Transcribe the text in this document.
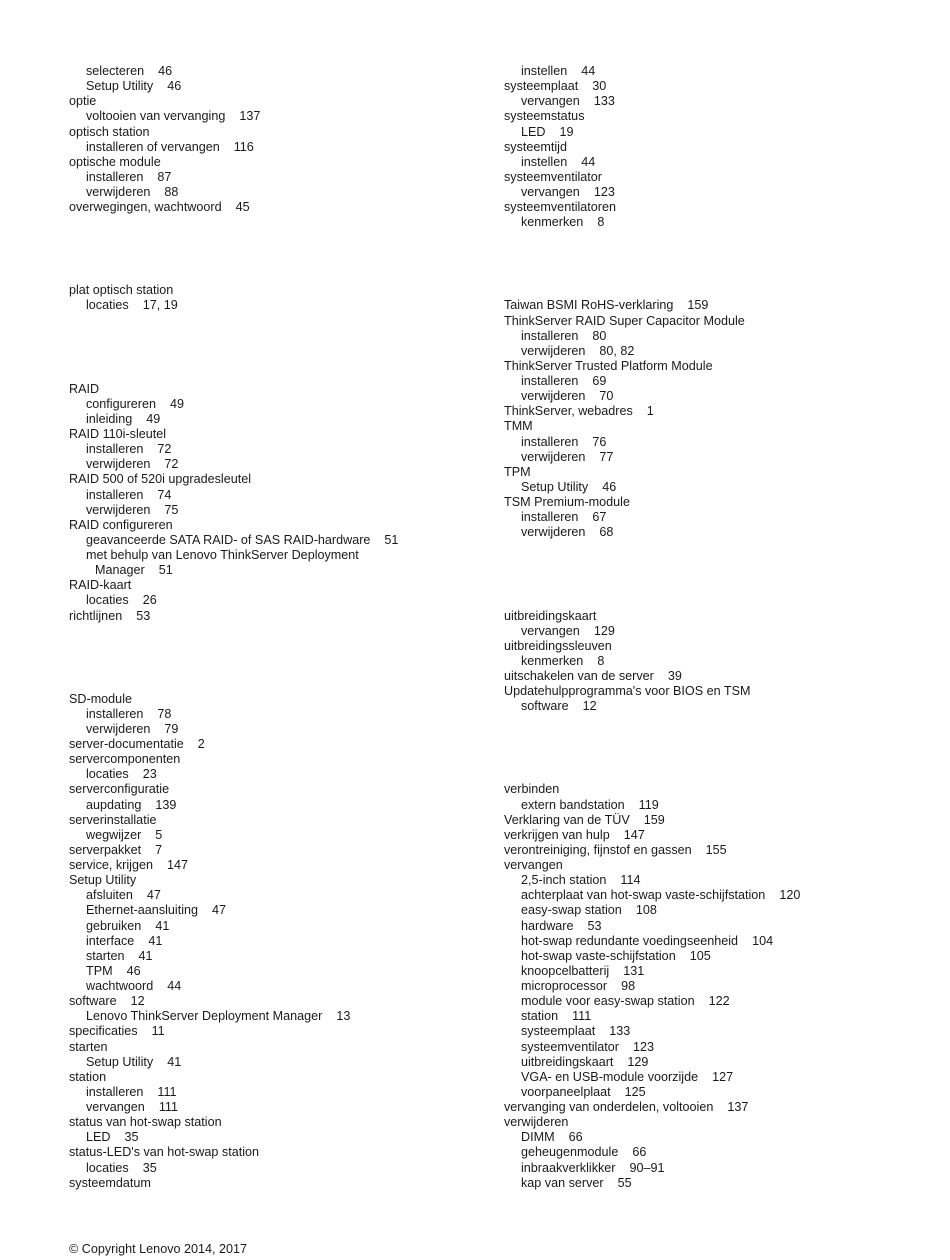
selecteren 46
Setup Utility 46
optie
voltooien van vervanging 137
optisch station
installeren of vervangen 116
optische module
installeren 87
verwijderen 88
overwegingen, wachtwoord 45
plat optisch station
locaties 17, 19
RAID
configureren 49
inleiding 49
RAID 110i-sleutel
installeren 72
verwijderen 72
RAID 500 of 520i upgradesleutel
installeren 74
verwijderen 75
RAID configureren
geavanceerde SATA RAID- of SAS RAID-hardware 51
met behulp van Lenovo ThinkServer Deployment
Manager 51
RAID-kaart
locaties 26
richtlijnen 53
SD-module
installeren 78
verwijderen 79
server-documentatie 2
servercomponenten
locaties 23
serverconfiguratie
aupdating 139
serverinstallatie
wegwijzer 5
serverpakket 7
service, krijgen 147
Setup Utility
afsluiten 47
Ethernet-aansluiting 47
gebruiken 41
interface 41
starten 41
TPM 46
wachtwoord 44
software 12
Lenovo ThinkServer Deployment Manager 13
specificaties 11
starten
Setup Utility 41
station
installeren 111
vervangen 111
status van hot-swap station
LED 35
status-LED's van hot-swap station
locaties 35
systeemdatum
instellen 44
systeemplaat 30
vervangen 133
systeemstatus
LED 19
systeemtijd
instellen 44
systeemventilator
vervangen 123
systeemventilatoren
kenmerken 8
Taiwan BSMI RoHS-verklaring 159
ThinkServer RAID Super Capacitor Module
installeren 80
verwijderen 80, 82
ThinkServer Trusted Platform Module
installeren 69
verwijderen 70
ThinkServer, webadres 1
TMM
installeren 76
verwijderen 77
TPM
Setup Utility 46
TSM Premium-module
installeren 67
verwijderen 68
uitbreidingskaart
vervangen 129
uitbreidingssleuven
kenmerken 8
uitschakelen van de server 39
Updatehulpprogramma's voor BIOS en TSM
software 12
verbinden
extern bandstation 119
Verklaring van de TÜV 159
verkrijgen van hulp 147
verontreiniging, fijnstof en gassen 155
vervangen
2,5-inch station 114
achterplaat van hot-swap vaste-schijfstation 120
easy-swap station 108
hardware 53
hot-swap redundante voedingseenheid 104
hot-swap vaste-schijfstation 105
knoopcelbatterij 131
microprocessor 98
module voor easy-swap station 122
station 111
systeemplaat 133
systeemventilator 123
uitbreidingskaart 129
VGA- en USB-module voorzijde 127
voorpaneelplaat 125
vervanging van onderdelen, voltooien 137
verwijderen
DIMM 66
geheugenmodule 66
inbraakverklikker 90–91
kap van server 55
© Copyright Lenovo 2014, 2017
